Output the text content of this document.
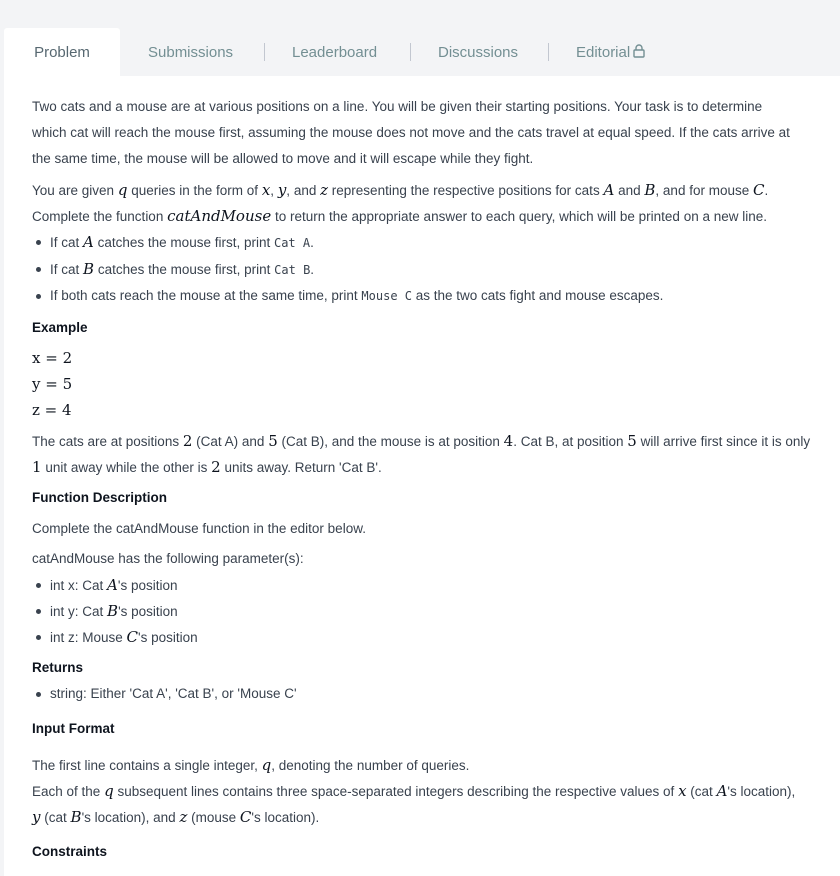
Problem	Submissions	Leaderboard	Discussions	Editorial
Two cats and a mouse are at various positions on a line. You will be given their starting positions. Your task is to determine
which cat will reach the mouse first, assuming the mouse does not move and the cats travel at equal speed. If the cats arrive at
the same time, the mouse will be allowed to move and it will escape while they fight.
You are given q queries in the form of x, y, and z representing the respective positions for cats A and B, and for mouse C.
Complete the function catAndMouse to return the appropriate answer to each query, which will be printed on a new line.
If cat A catches the mouse first, print Cat A.
If cat B catches the mouse first, print Cat B.
If both cats reach the mouse at the same time, print Mouse C as the two cats fight and mouse escapes.
Example
x = 2
y = 5
z = 4
The cats are at positions 2 (Cat A) and 5 (Cat B), and the mouse is at position 4. Cat B, at position 5 will arrive first since it is only
1 unit away while the other is 2 units away. Return 'Cat B'.
Function Description
Complete the catAndMouse function in the editor below.
catAndMouse has the following parameter(s):
int x: Cat A's position
int y: Cat B's position
int z: Mouse C's position
Returns
string: Either 'Cat A', 'Cat B', or 'Mouse C'
Input Format
The first line contains a single integer, q, denoting the number of queries.
Each of the q subsequent lines contains three space-separated integers describing the respective values of x (cat A's location),
y (cat B's location), and z (mouse C's location).
Constraints
